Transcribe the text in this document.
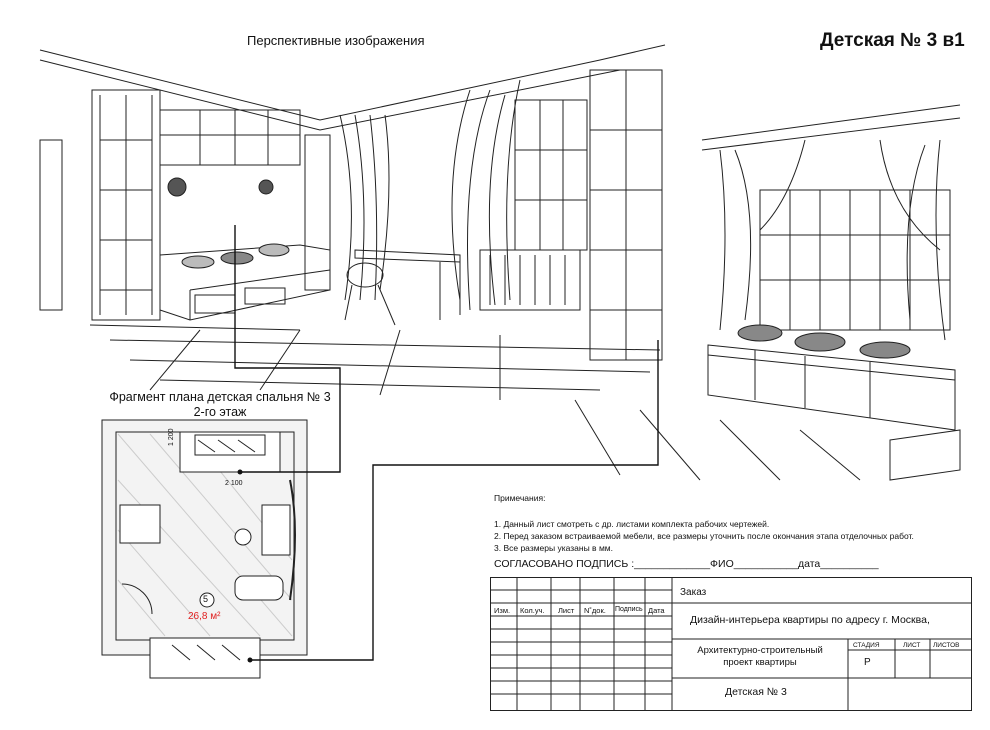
Детская № 3 в1
Перспективные изображения
Фрагмент плана детская спальня № 3
2-го этаж
1 200
2 100
5
26,8 м²
Примечания:
1. Данный лист смотреть с др. листами комплекта рабочих чертежей.
2. Перед заказом встраиваемой мебели, все размеры уточнить после окончания этапа отделочных работ.
3. Все размеры указаны в мм.
СОГЛАСОВАНО ПОДПИСЬ :_____________ФИО___________дата__________
Изм. Кол.уч. Лист N˚док. Подпись Дата
Заказ
Дизайн-интерьера квартиры по адресу г. Москва,
Архитектурно-строительный
проект квартиры
СТАДИЯ	ЛИСТ ЛИСТОВ
Р
Детская № 3
